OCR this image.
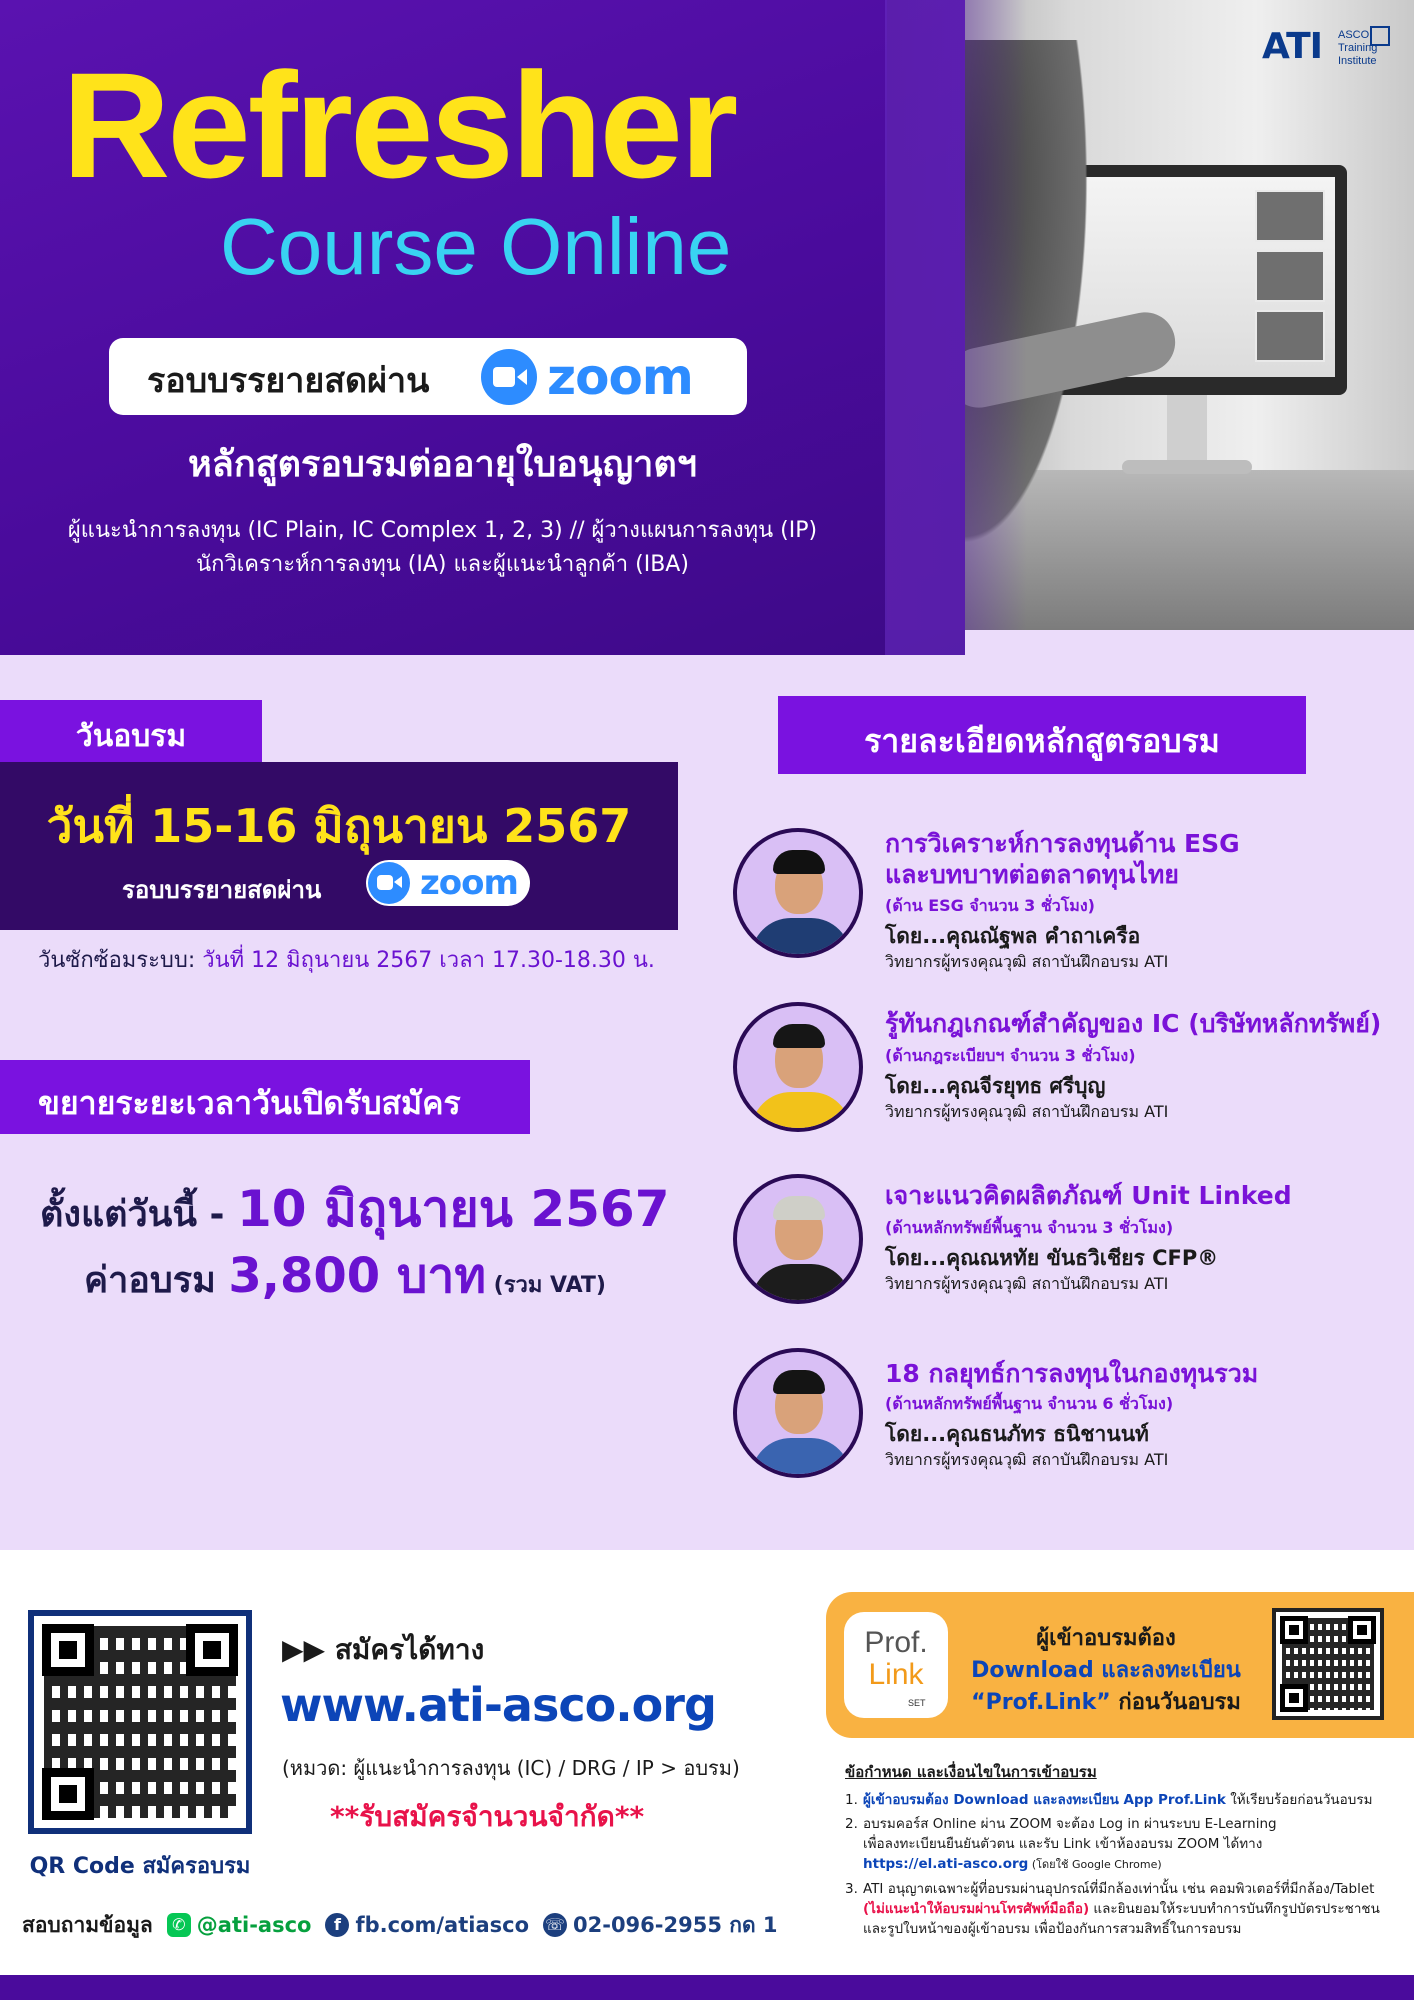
ATI ASCO
Training
Institute
Refresher
Course Online
รอบบรรยายสดผ่าน zoom
หลักสูตรอบรมต่ออายุใบอนุญาตฯ
ผู้แนะนำการลงทุน (IC Plain, IC Complex 1, 2, 3) // ผู้วางแผนการลงทุน (IP)
นักวิเคราะห์การลงทุน (IA) และผู้แนะนำลูกค้า (IBA)
วันอบรม
วันที่ 15-16 มิถุนายน 2567
รอบบรรยายสดผ่าน	zoom
วันซักซ้อมระบบ: วันที่ 12 มิถุนายน 2567 เวลา 17.30-18.30 น.
ขยายระยะเวลาวันเปิดรับสมัคร
ตั้งแต่วันนี้ - 10 มิถุนายน 2567
ค่าอบรม 3,800 บาท (รวม VAT)
รายละเอียดหลักสูตรอบรม
การวิเคราะห์การลงทุนด้าน ESG
และบทบาทต่อตลาดทุนไทย
(ด้าน ESG จำนวน 3 ชั่วโมง)
โดย...คุณณัฐพล คำถาเครือ
วิทยากรผู้ทรงคุณวุฒิ สถาบันฝึกอบรม ATI
รู้ทันกฎเกณฑ์สำคัญของ IC (บริษัทหลักทรัพย์)
(ด้านกฎระเบียบฯ จำนวน 3 ชั่วโมง)
โดย...คุณจีรยุทธ ศรีบุญ
วิทยากรผู้ทรงคุณวุฒิ สถาบันฝึกอบรม ATI
เจาะแนวคิดผลิตภัณฑ์ Unit Linked
(ด้านหลักทรัพย์พื้นฐาน จำนวน 3 ชั่วโมง)
โดย...คุณณหทัย ขันธวิเชียร CFP®
วิทยากรผู้ทรงคุณวุฒิ สถาบันฝึกอบรม ATI
18 กลยุทธ์การลงทุนในกองทุนรวม
(ด้านหลักทรัพย์พื้นฐาน จำนวน 6 ชั่วโมง)
โดย...คุณธนภัทร ธนิชานนท์
วิทยากรผู้ทรงคุณวุฒิ สถาบันฝึกอบรม ATI
QR Code สมัครอบรม
▶▶ สมัครได้ทาง
www.ati-asco.org
(หมวด: ผู้แนะนำการลงทุน (IC) / DRG / IP > อบรม)
**รับสมัครจำนวนจำกัด**
สอบถามข้อมูล	✆ @ati-asco	f fb.com/atiasco ☏ 02-096-2955 กด 1
Prof.
Link
SET
ผู้เข้าอบรมต้อง
Download และลงทะเบียน
“Prof.Link” ก่อนวันอบรม
ข้อกำหนด และเงื่อนไขในการเข้าอบรม
1. ผู้เข้าอบรมต้อง Download และลงทะเบียน App Prof.Link ให้เรียบร้อยก่อนวันอบรม
2. อบรมคอร์ส Online ผ่าน ZOOM จะต้อง Log in ผ่านระบบ E-Learning
เพื่อลงทะเบียนยืนยันตัวตน และรับ Link เข้าห้องอบรม ZOOM ได้ทาง
https://el.ati-asco.org (โดยใช้ Google Chrome)
3. ATI อนุญาตเฉพาะผู้ที่อบรมผ่านอุปกรณ์ที่มีกล้องเท่านั้น เช่น คอมพิวเตอร์ที่มีกล้อง/Tablet
(ไม่แนะนำให้อบรมผ่านโทรศัพท์มือถือ) และยินยอมให้ระบบทำการบันทึกรูปบัตรประชาชน
และรูปใบหน้าของผู้เข้าอบรม เพื่อป้องกันการสวมสิทธิ์ในการอบรม
